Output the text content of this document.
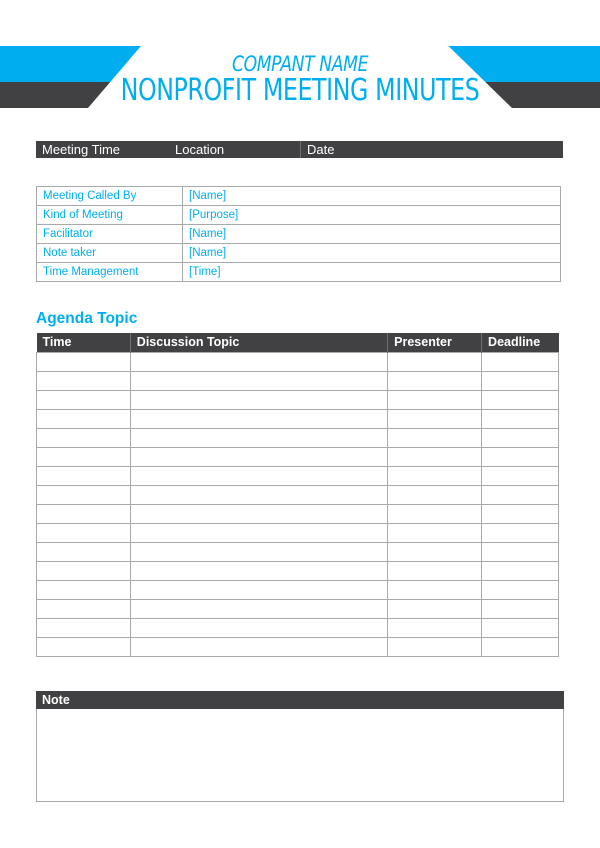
COMPANT NAME
NONPROFIT MEETING MINUTES
Meeting Time	Location	Date
Meeting Called By	[Name]
Kind of Meeting	[Purpose]
Facilitator	[Name]
Note taker	[Name]
Time Management	[Time]
Agenda Topic
Time	Discussion Topic	Presenter	Deadline

Note
